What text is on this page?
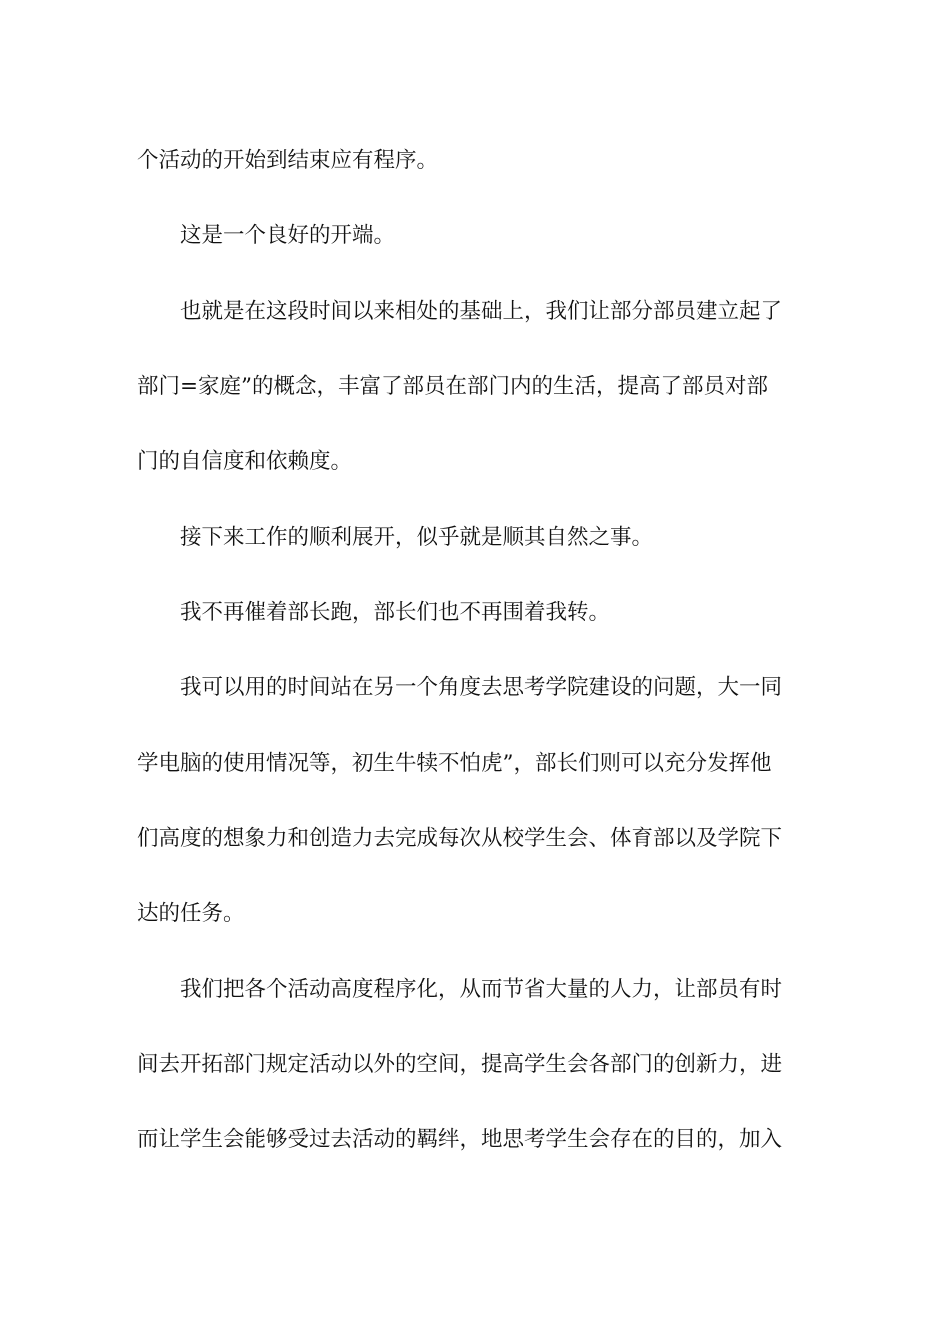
个活动的开始到结束应有程序。
这是一个良好的开端。
也就是在这段时间以来相处的基础上，我们让部分部员建立起了
部门=家庭”的概念，丰富了部员在部门内的生活，提高了部员对部
门的自信度和依赖度。
接下来工作的顺利展开，似乎就是顺其自然之事。
我不再催着部长跑，部长们也不再围着我转。
我可以用的时间站在另一个角度去思考学院建设的问题，大一同
学电脑的使用情况等，初生牛犊不怕虎”，部长们则可以充分发挥他
们高度的想象力和创造力去完成每次从校学生会、体育部以及学院下
达的任务。
我们把各个活动高度程序化，从而节省大量的人力，让部员有时
间去开拓部门规定活动以外的空间，提高学生会各部门的创新力，进
而让学生会能够受过去活动的羁绊，地思考学生会存在的目的，加入
